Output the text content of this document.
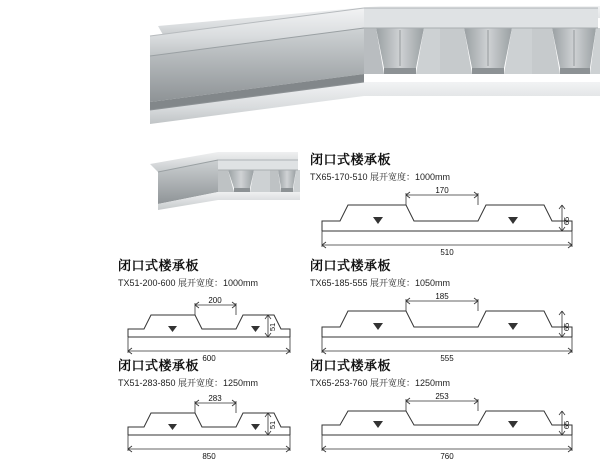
闭口式楼承板
TX65-170-510 展开宽度：1000mm
170
65
510
闭口式楼承板
TX51-200-600 展开宽度：1000mm
200
51
600
闭口式楼承板
TX65-185-555 展开宽度：1050mm
185
65
555
闭口式楼承板
TX51-283-850 展开宽度：1250mm
283
51
850
闭口式楼承板
TX65-253-760 展开宽度：1250mm
253
65
760
